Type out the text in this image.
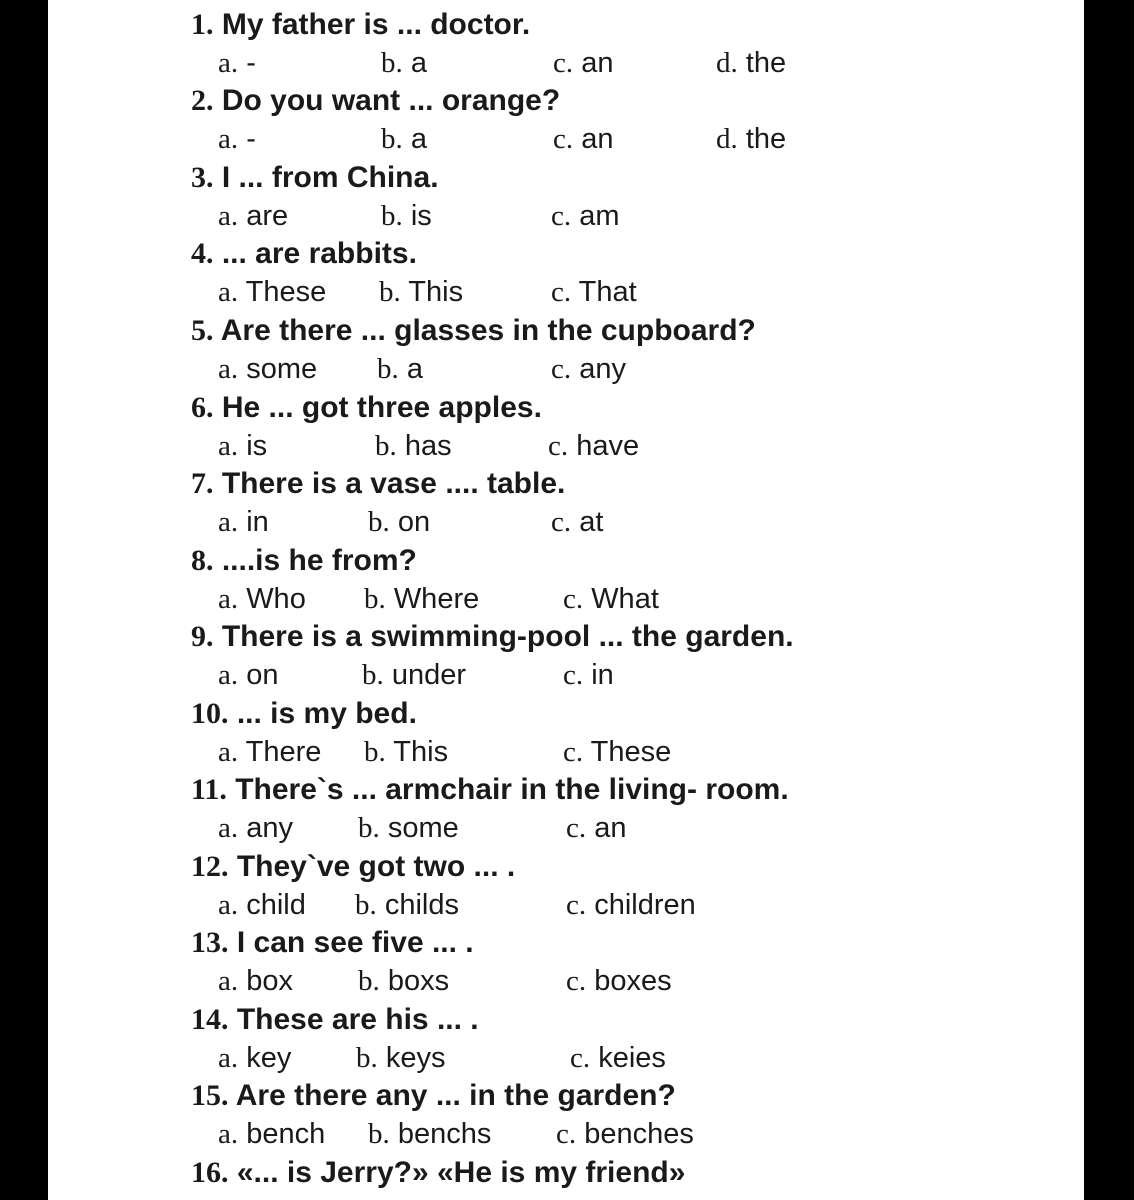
1. My father is ... doctor.
a. -	b. a	c. an	d. the
2. Do you want ... orange?
a. -	b. a	c. an	d. the
3. I ... from China.
a. are	b. is	c. am
4. ... are rabbits.
a. These b. This	c. That
5. Are there ... glasses in the cupboard?
a. some b. a	c. any
6. He ... got three apples.
a. is	b. has	c. have
7. There is a vase .... table.
a. in	b. on	c. at
8. ....is he from?
a. Who b. Where	c. What
9. There is a swimming-pool ... the garden.
a. on	b. under	c. in
10. ... is my bed.
a. There b. This	c. These
11. There`s ... armchair in the living- room.
a. any b. some	c. an
12. They`ve got two ... .
a. child b. childs	c. children
13. I can see five ... .
a. box b. boxs	c. boxes
14. These are his ... .
a. key b. keys	c. keies
15. Are there any ... in the garden?
a. bench b. benchs c. benches
16. «... is Jerry?» «He is my friend»
